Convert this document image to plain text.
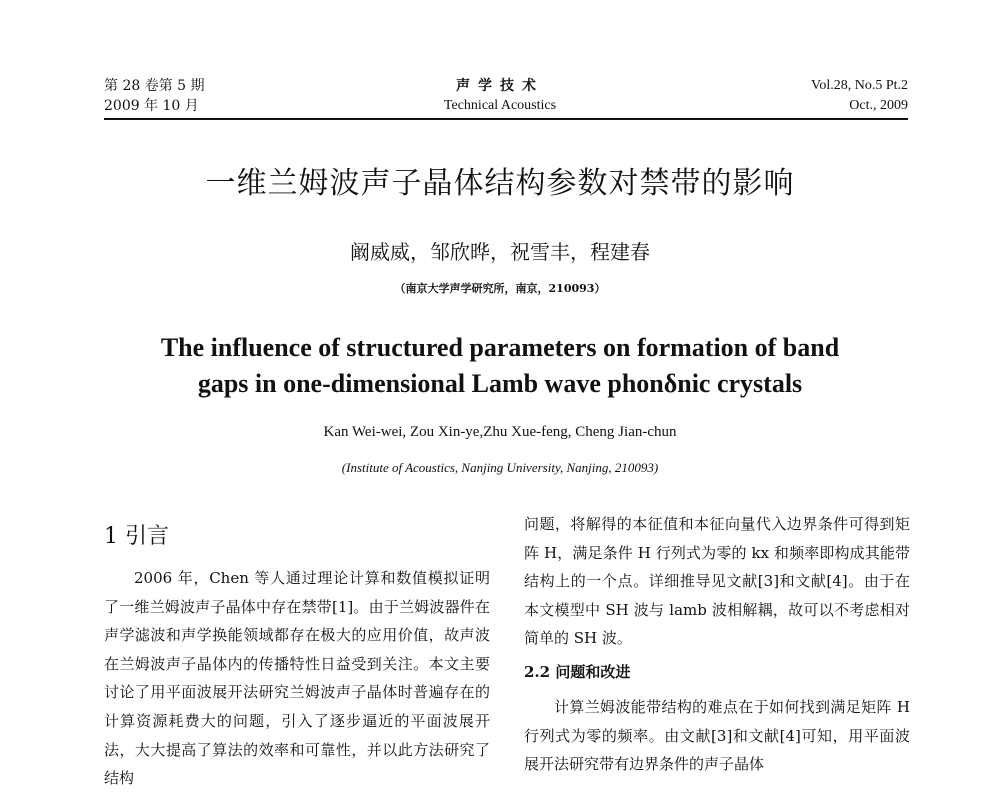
第 28 卷第 5 期
2009 年 10 月
声学技术
Technical Acoustics
Vol.28, No.5 Pt.2
Oct., 2009
一维兰姆波声子晶体结构参数对禁带的影响
阚威威，邹欣晔，祝雪丰，程建春
（南京大学声学研究所，南京，210093）
The influence of structured parameters on formation of band
gaps in one-dimensional Lamb wave phonδnic crystals
Kan Wei-wei, Zou Xin-ye,Zhu Xue-feng, Cheng Jian-chun
(Institute of Acoustics, Nanjing University, Nanjing, 210093)
1 引言

2006 年，Chen 等人通过理论计算和数值模拟证明了一维兰姆波声子晶体中存在禁带[1]。由于兰姆波器件在声学滤波和声学换能领域都存在极大的应用价值，故声波在兰姆波声子晶体内的传播特性日益受到关注。本文主要讨论了用平面波展开法研究兰姆波声子晶体时普遍存在的计算资源耗费大的问题，引入了逐步逼近的平面波展开法，大大提高了算法的效率和可靠性，并以此方法研究了结构

问题，将解得的本征值和本征向量代入边界条件可得到矩阵 H，满足条件 H 行列式为零的 kx 和频率即构成其能带结构上的一个点。详细推导见文献[3]和文献[4]。由于在本文模型中 SH 波与 lamb 波相解耦，故可以不考虑相对简单的 SH 波。

2.2 问题和改进

计算兰姆波能带结构的难点在于如何找到满足矩阵 H 行列式为零的频率。由文献[3]和文献[4]可知，用平面波展开法研究带有边界条件的声子晶体
